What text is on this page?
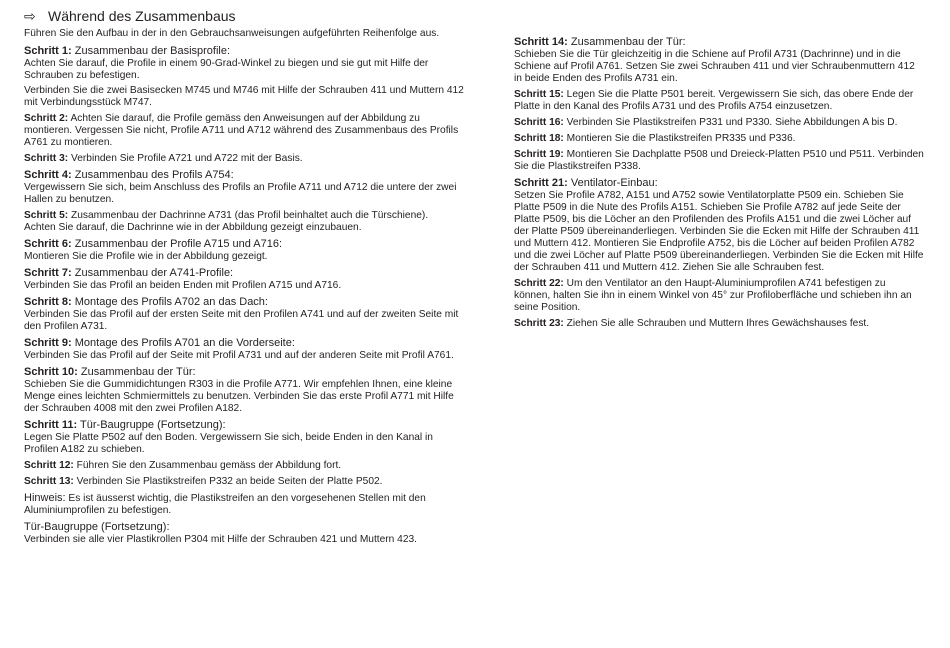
⇨ Während des Zusammenbaus
Führen Sie den Aufbau in der in den Gebrauchsanweisungen aufgeführten Reihenfolge aus.
Schritt 1: Zusammenbau der Basisprofile:

Achten Sie darauf, die Profile in einem 90-Grad-Winkel zu biegen und sie gut mit Hilfe der Schrauben zu befestigen.

Verbinden Sie die zwei Basisecken M745 und M746 mit Hilfe der Schrauben 411 und Muttern 412 mit Verbindungsstück M747.

Schritt 2: Achten Sie darauf, die Profile gemäss den Anweisungen auf der Abbildung zu montieren. Vergessen Sie nicht, Profile A711 und A712 während des Zusammenbaus des Profils A761 zu montieren.
Schritt 3: Verbinden Sie Profile A721 und A722 mit der Basis.
Schritt 4: Zusammenbau des Profils A754:

Vergewissern Sie sich, beim Anschluss des Profils an Profile A711 und A712 die untere der zwei Hallen zu benutzen.

Schritt 5: Zusammenbau der Dachrinne A731 (das Profil beinhaltet auch die Türschiene).

Achten Sie darauf, die Dachrinne wie in der Abbildung gezeigt einzubauen.

Schritt 6: Zusammenbau der Profile A715 und A716:

Montieren Sie die Profile wie in der Abbildung gezeigt.

Schritt 7: Zusammenbau der A741-Profile:

Verbinden Sie das Profil an beiden Enden mit Profilen A715 und A716.

Schritt 8: Montage des Profils A702 an das Dach:

Verbinden Sie das Profil auf der ersten Seite mit den Profilen A741 und auf der zweiten Seite mit den Profilen A731.

Schritt 9: Montage des Profils A701 an die Vorderseite:

Verbinden Sie das Profil auf der Seite mit Profil A731 und auf der anderen Seite mit Profil A761.

Schritt 10: Zusammenbau der Tür:

Schieben Sie die Gummidichtungen R303 in die Profile A771. Wir empfehlen Ihnen, eine kleine Menge eines leichten Schmiermittels zu benutzen. Verbinden Sie das erste Profil A771 mit Hilfe der Schrauben 4008 mit den zwei Profilen A182.

Schritt 11: Tür-Baugruppe (Fortsetzung):

Legen Sie Platte P502 auf den Boden. Vergewissern Sie sich, beide Enden in den Kanal in Profilen A182 zu schieben.

Schritt 12: Führen Sie den Zusammenbau gemäss der Abbildung fort.
Schritt 13: Verbinden Sie Plastikstreifen P332 an beide Seiten der Platte P502.
Hinweis: Es ist äusserst wichtig, die Plastikstreifen an den vorgesehenen Stellen mit den Aluminiumprofilen zu befestigen.
Tür-Baugruppe (Fortsetzung):
Verbinden sie alle vier Plastikrollen P304 mit Hilfe der Schrauben 421 und Muttern 423.
Schritt 14: Zusammenbau der Tür:

Schieben Sie die Tür gleichzeitig in die Schiene auf Profil A731 (Dachrinne) und in die Schiene auf Profil A761. Setzen Sie zwei Schrauben 411 und vier Schraubenmuttern 412 in beide Enden des Profils A731 ein.

Schritt 15: Legen Sie die Platte P501 bereit. Vergewissern Sie sich, das obere Ende der Platte in den Kanal des Profils A731 und des Profils A754 einzusetzen.
Schritt 16: Verbinden Sie Plastikstreifen P331 und P330. Siehe Abbildungen A bis D.
Schritt 18: Montieren Sie die Plastikstreifen PR335 und P336.
Schritt 19: Montieren Sie Dachplatte P508 und Dreieck-Platten P510 und P511. Verbinden Sie die Plastikstreifen P338.
Schritt 21: Ventilator-Einbau:

Setzen Sie Profile A782, A151 und A752 sowie Ventilatorplatte P509 ein. Schieben Sie Platte P509 in die Nute des Profils A151. Schieben Sie Profile A782 auf jede Seite der Platte P509, bis die Löcher an den Profilenden des Profils A151 und die zwei Löcher auf der Platte P509 übereinanderliegen. Verbinden Sie die Ecken mit Hilfe der Schrauben 411 und Muttern 412. Montieren Sie Endprofile A752, bis die Löcher auf beiden Profilen A782 und die zwei Löcher auf Platte P509 übereinanderliegen. Verbinden Sie die Ecken mit Hilfe der Schrauben 411 und Muttern 412. Ziehen Sie alle Schrauben fest.

Schritt 22: Um den Ventilator an den Haupt-Aluminiumprofilen A741 befestigen zu können, halten Sie ihn in einem Winkel von 45° zur Profiloberfläche und schieben ihn an seine Position.
Schritt 23: Ziehen Sie alle Schrauben und Muttern Ihres Gewächshauses fest.
